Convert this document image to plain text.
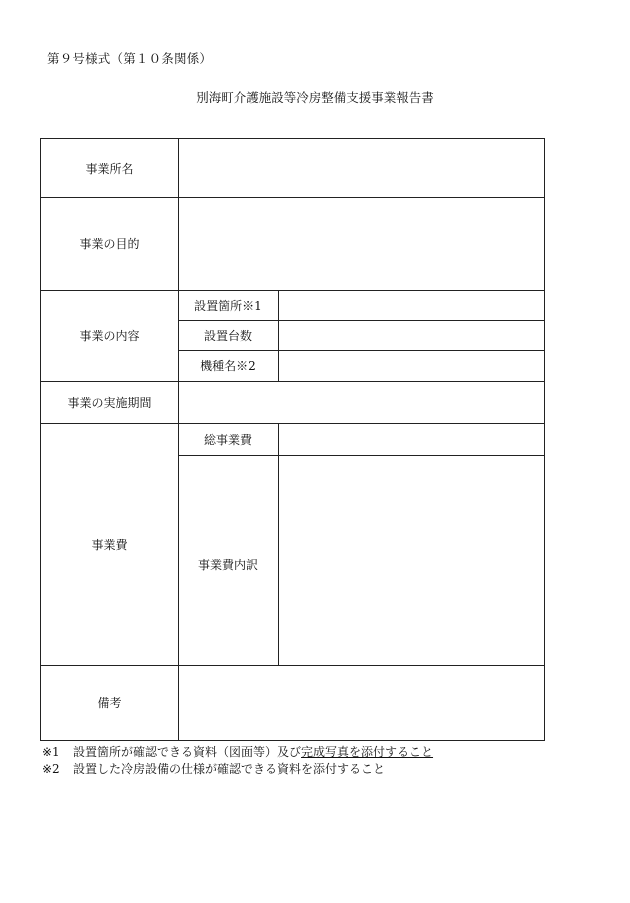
第９号様式（第１０条関係）
別海町介護施設等冷房整備支援事業報告書
事業所名
事業の目的
事業の内容
設置箇所※1
設置台数
機種名※2
事業の実施期間
事業費
総事業費
事業費内訳
備考
※1 設置箇所が確認できる資料（図面等）及び完成写真を添付すること
※2 設置した冷房設備の仕様が確認できる資料を添付すること
